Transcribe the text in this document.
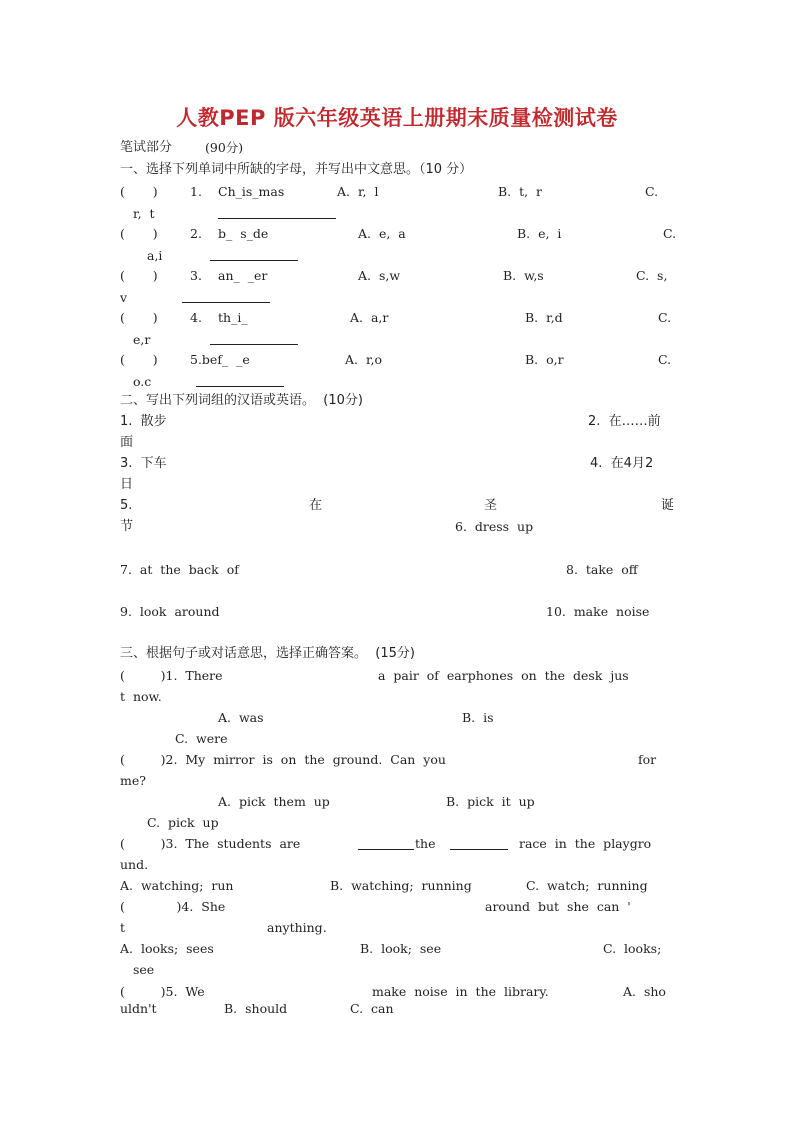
人教PEP 版六年级英语上册期末质量检测试卷
笔试部分	(90分)
一、选择下列单词中所缺的字母，并写出中文意思。（10 分）
(       )	1. Ch_is_mas	A.  r,  l	B.  t,  r	C.
r,  t
(       )	2. b_  s_de	A.  e,  a	B.  e,  i	C.
a,i
(       )	3. an_  _er	A.  s,w	B.  w,s	C.  s,
v
(       )	4. th_i_	A.  a,r	B.  r,d	C.
e,r
(       )	5.bef_  _e	A.  r,o	B.  o,r	C.
o.c
二、写出下列词组的汉语或英语。  (10分)
1.  散步	2.  在……前
面
3.  下车	4.  在4月2
日
5.	在	圣	诞
节	6.  dress  up
7.  at  the  back  of	8.  take  off
9.  look  around	10.  make  noise
三、根据句子或对话意思，选择正确答案。  (15分)
(         )1.  There	a  pair  of  earphones  on  the  desk  jus
t  now.
A.  was	B.  is
C.  were
(         )2.  My  mirror  is  on  the  ground.  Can  you	for
me?
A.  pick  them  up	B.  pick  it  up
C.  pick  up
(         )3.  The  students  are	the	race  in  the  playgro
und.
A.  watching;  run	B.  watching;  running	C.  watch;  running
(             )4.  She	around  but  she  can  '
t	anything.
A.  looks;  sees	B.  look;  see	C.  looks;
see
(         )5.  We	make  noise  in  the  library.	A.  sho
uldn't	B.  should	C.  can
